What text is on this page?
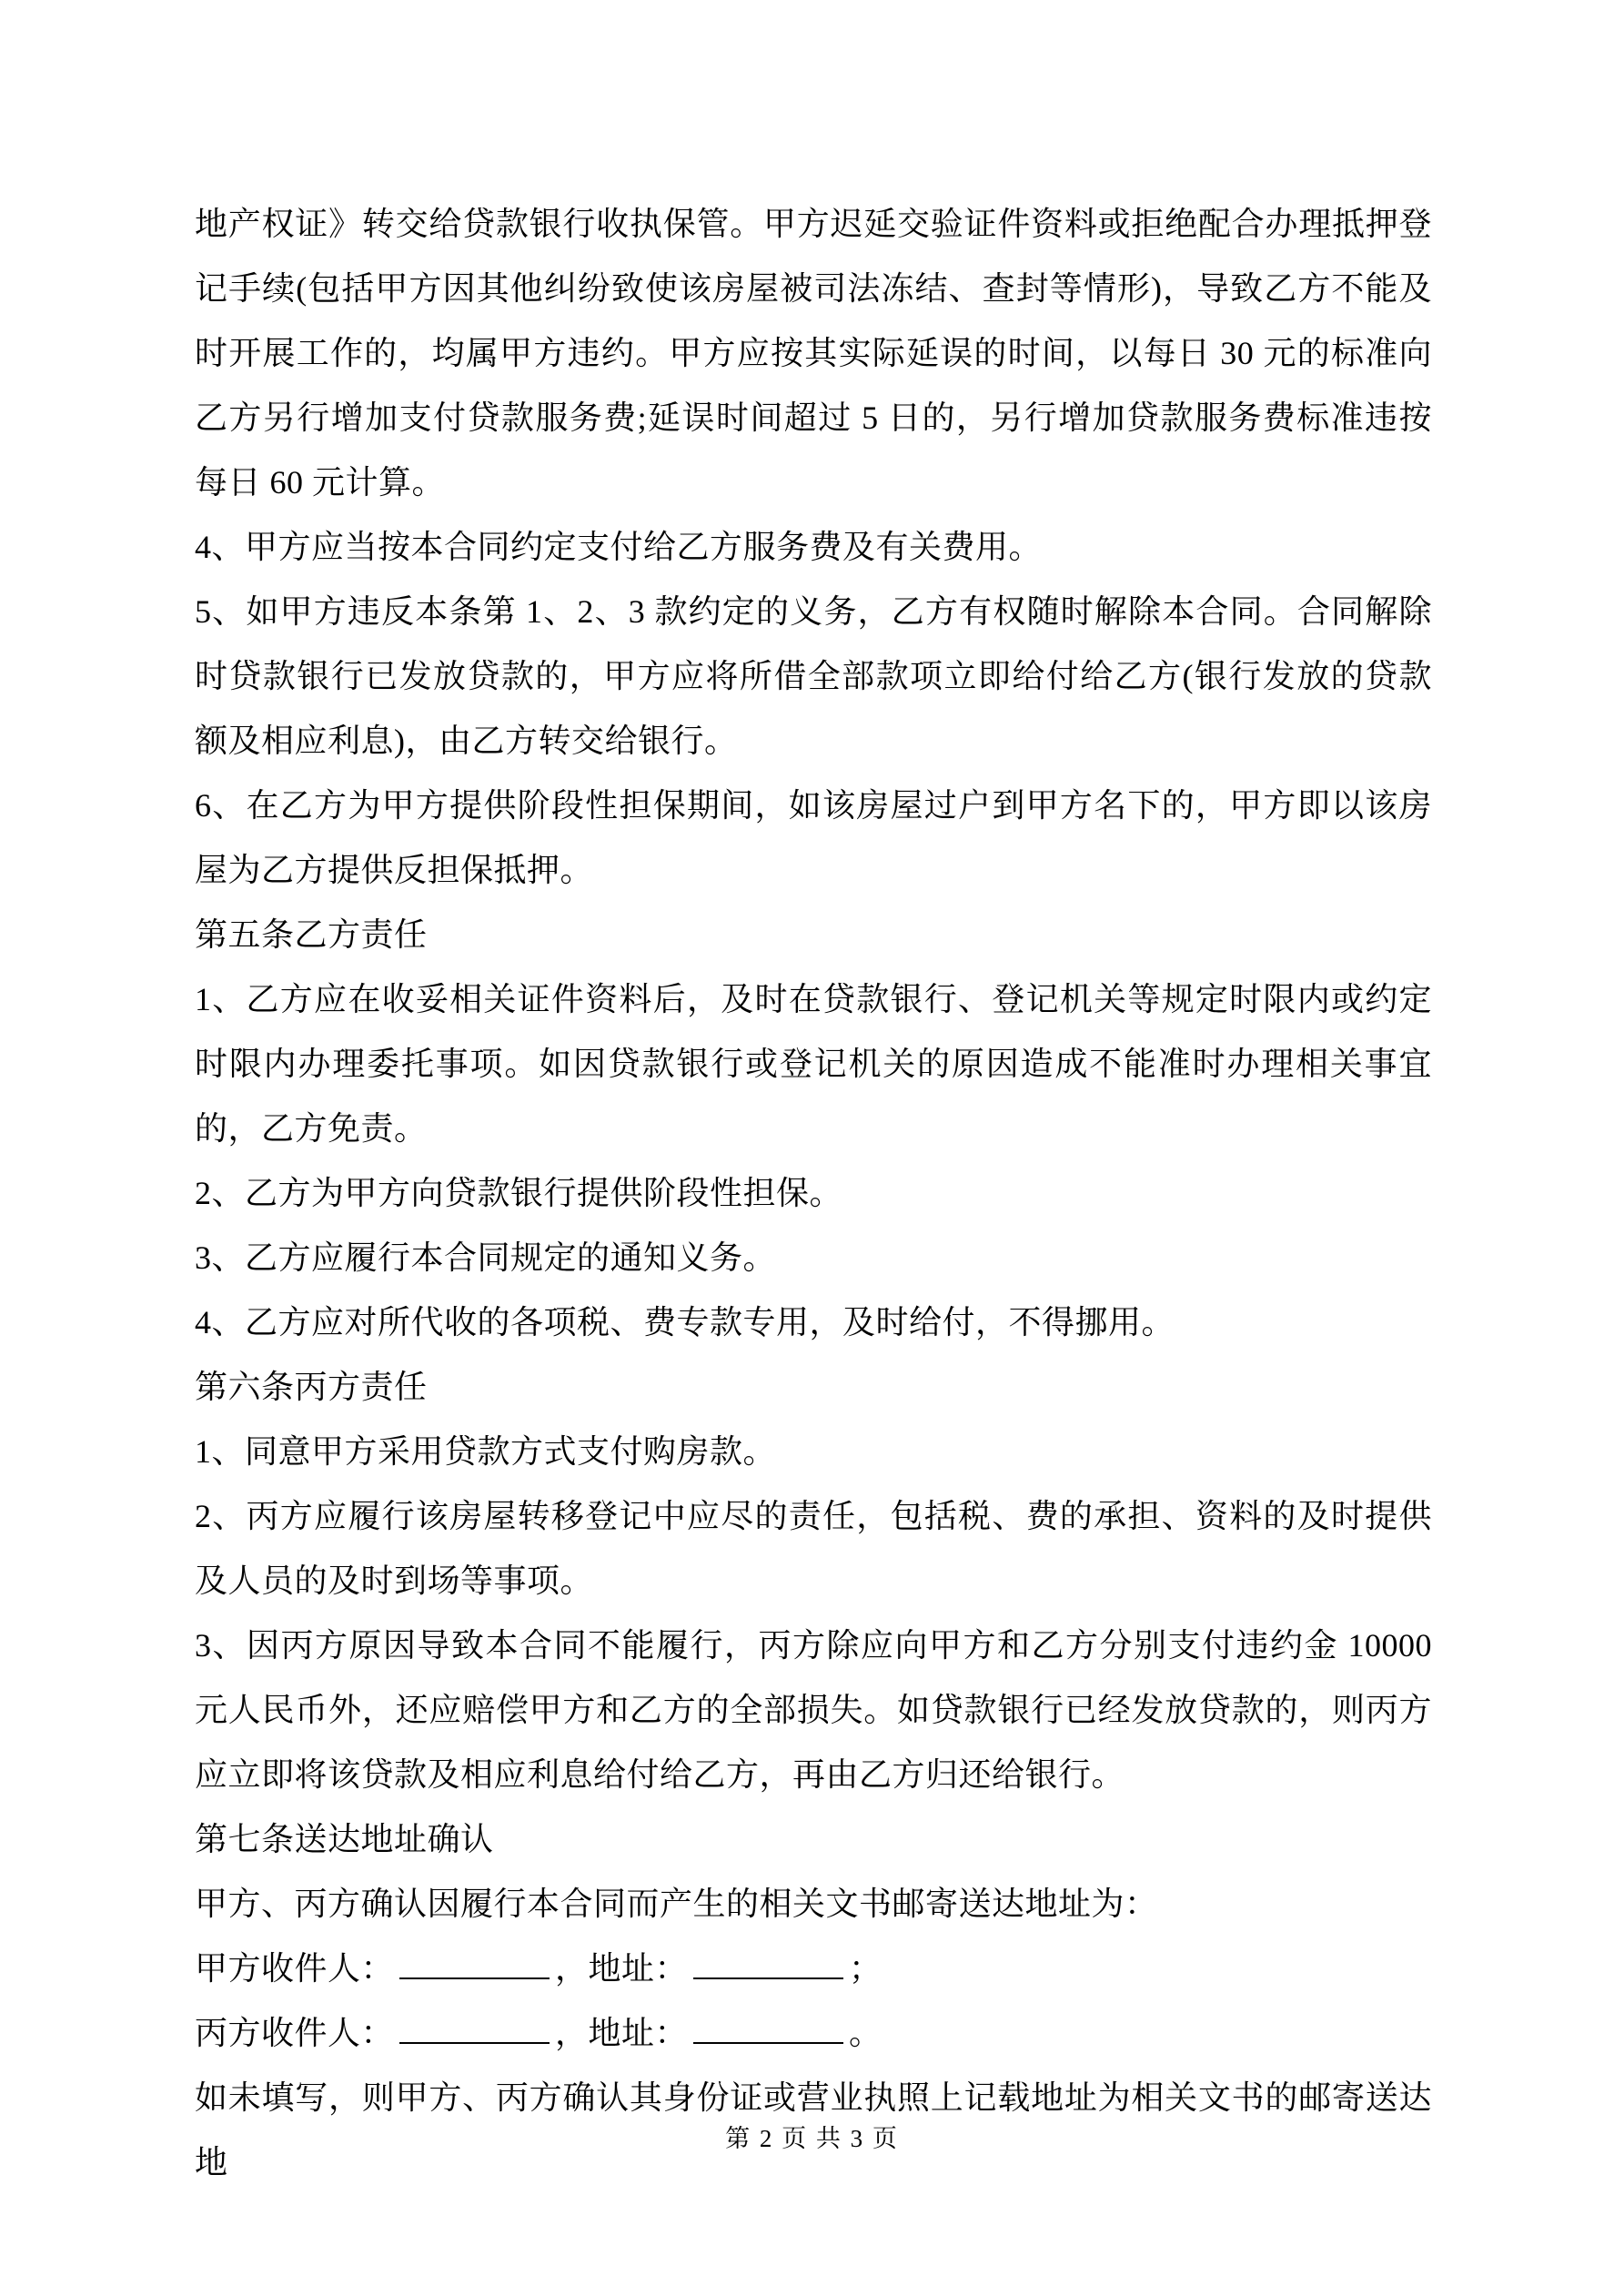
地产权证》转交给贷款银行收执保管。甲方迟延交验证件资料或拒绝配合办理抵押登记手续(包括甲方因其他纠纷致使该房屋被司法冻结、查封等情形)，导致乙方不能及时开展工作的，均属甲方违约。甲方应按其实际延误的时间，以每日 30 元的标准向乙方另行增加支付贷款服务费;延误时间超过 5 日的，另行增加贷款服务费标准违按每日 60 元计算。
4、甲方应当按本合同约定支付给乙方服务费及有关费用。
5、如甲方违反本条第 1、2、3 款约定的义务，乙方有权随时解除本合同。合同解除时贷款银行已发放贷款的，甲方应将所借全部款项立即给付给乙方(银行发放的贷款额及相应利息)，由乙方转交给银行。
6、在乙方为甲方提供阶段性担保期间，如该房屋过户到甲方名下的，甲方即以该房屋为乙方提供反担保抵押。
第五条乙方责任
1、乙方应在收妥相关证件资料后，及时在贷款银行、登记机关等规定时限内或约定时限内办理委托事项。如因贷款银行或登记机关的原因造成不能准时办理相关事宜的，乙方免责。
2、乙方为甲方向贷款银行提供阶段性担保。
3、乙方应履行本合同规定的通知义务。
4、乙方应对所代收的各项税、费专款专用，及时给付，不得挪用。
第六条丙方责任
1、同意甲方采用贷款方式支付购房款。
2、丙方应履行该房屋转移登记中应尽的责任，包括税、费的承担、资料的及时提供及人员的及时到场等事项。
3、因丙方原因导致本合同不能履行，丙方除应向甲方和乙方分别支付违约金 10000 元人民币外，还应赔偿甲方和乙方的全部损失。如贷款银行已经发放贷款的，则丙方应立即将该贷款及相应利息给付给乙方，再由乙方归还给银行。
第七条送达地址确认
甲方、丙方确认因履行本合同而产生的相关文书邮寄送达地址为：
甲方收件人：	，地址：	；
丙方收件人：	，地址：	。
如未填写，则甲方、丙方确认其身份证或营业执照上记载地址为相关文书的邮寄送达地
第 2 页 共 3 页
